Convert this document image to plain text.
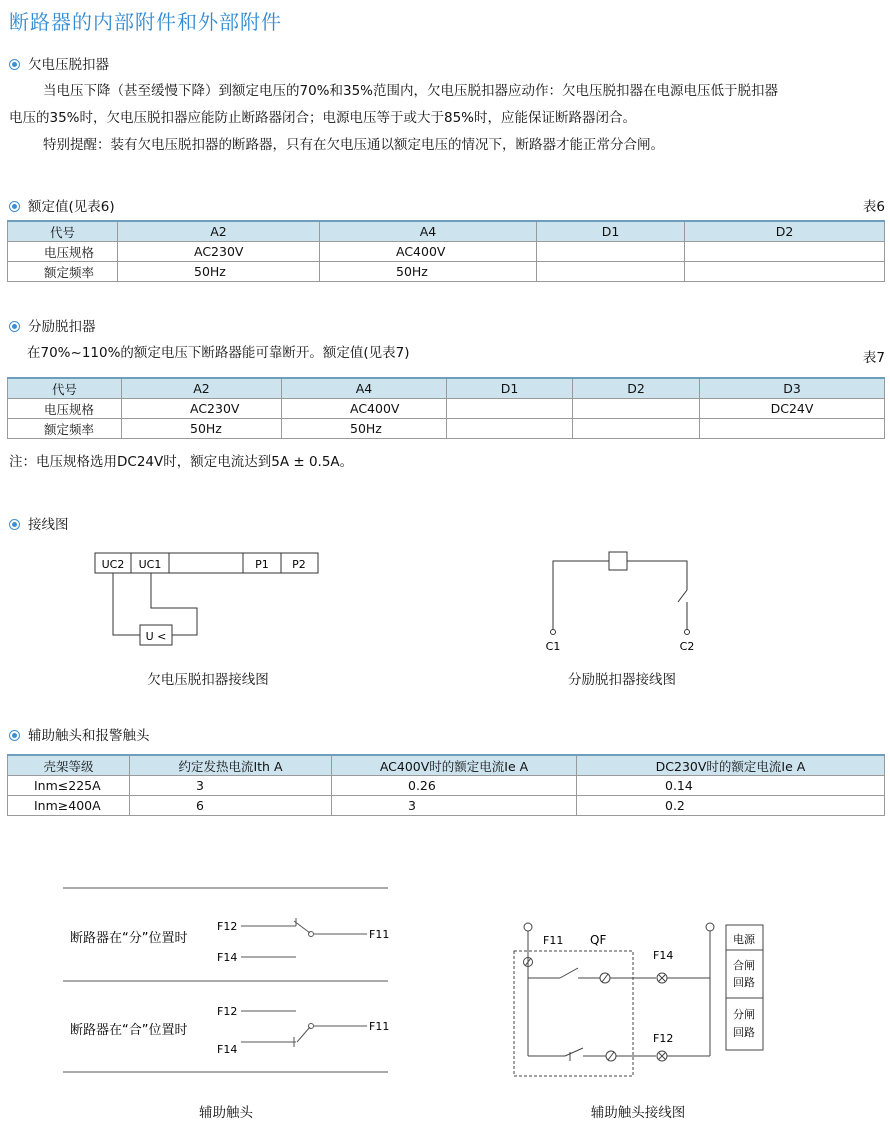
断路器的内部附件和外部附件
欠电压脱扣器
当电压下降（甚至缓慢下降）到额定电压的70%和35%范围内，欠电压脱扣器应动作：欠电压脱扣器在电源电压低于脱扣器
电压的35%时，欠电压脱扣器应能防止断路器闭合；电源电压等于或大于85%时，应能保证断路器闭合。
特别提醒：装有欠电压脱扣器的断路器，只有在欠电压通以额定电压的情况下，断路器才能正常分合闸。
额定值(见表6)	表6
代号	A2	A4	D1	D2
电压规格	AC230V	AC400V		
额定频率	50Hz	50Hz		
分励脱扣器
在70%~110%的额定电压下断路器能可靠断开。额定值(见表7)	表7
代号	A2	A4	D1	D2	D3
电压规格	AC230V	AC400V			DC24V
额定频率	50Hz	50Hz			
注：电压规格选用DC24V时，额定电流达到5A ± 0.5A。
接线图
UC2 UC1	P1 P2
U <
C1	C2
欠电压脱扣器接线图	分励脱扣器接线图
辅助触头和报警触头
壳架等级	约定发热电流Ith A	AC400V时的额定电流Ie A	DC230V时的额定电流Ie A
Inm≤225A	3	0.26	0.14
Inm≥400A	6	3	0.2
断路器在“分”位置时
断路器在“合”位置时
F12
F14
F11
F12
F14
F11
F11 QF
F14
F12
电源
合闸
回路
分闸
回路
辅助触头	辅助触头接线图
